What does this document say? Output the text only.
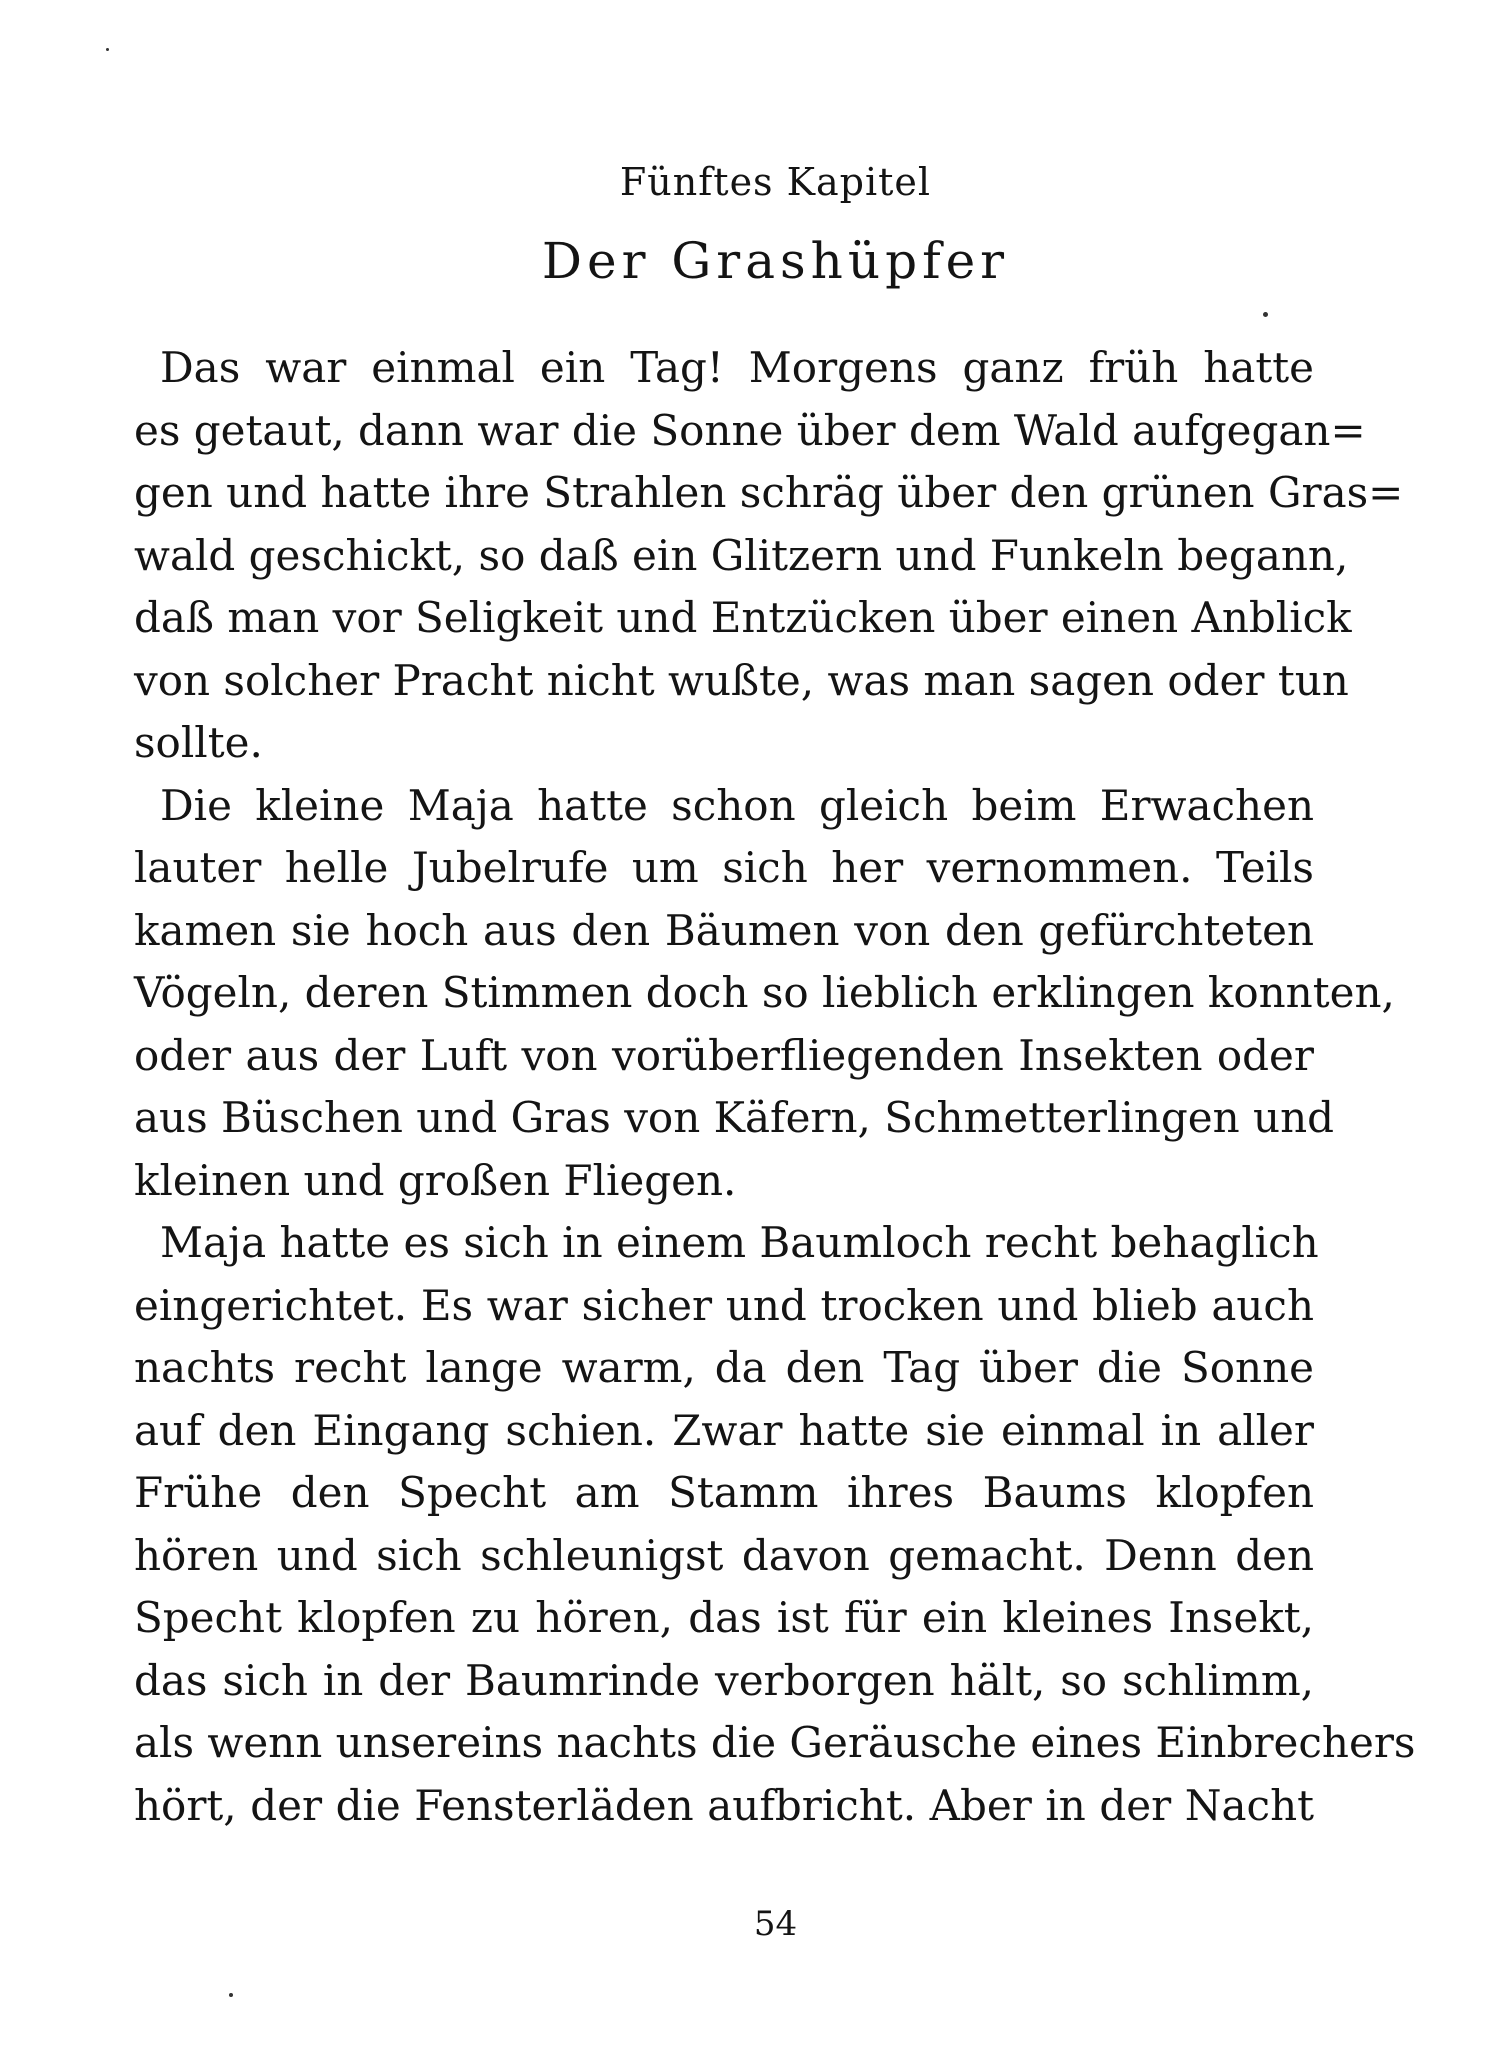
Fünftes Kapitel
Der Grashüpfer
Das war einmal ein Tag! Morgens ganz früh hatte
es getaut, dann war die Sonne über dem Wald aufgegan=
gen und hatte ihre Strahlen schräg über den grünen Gras=
wald geschickt, so daß ein Glitzern und Funkeln begann,
daß man vor Seligkeit und Entzücken über einen Anblick
von solcher Pracht nicht wußte, was man sagen oder tun
sollte.
Die kleine Maja hatte schon gleich beim Erwachen
lauter helle Jubelrufe um sich her vernommen. Teils
kamen sie hoch aus den Bäumen von den gefürchteten
Vögeln, deren Stimmen doch so lieblich erklingen konnten,
oder aus der Luft von vorüberfliegenden Insekten oder
aus Büschen und Gras von Käfern, Schmetterlingen und
kleinen und großen Fliegen.
Maja hatte es sich in einem Baumloch recht behaglich
eingerichtet. Es war sicher und trocken und blieb auch
nachts recht lange warm, da den Tag über die Sonne
auf den Eingang schien. Zwar hatte sie einmal in aller
Frühe den Specht am Stamm ihres Baums klopfen
hören und sich schleunigst davon gemacht. Denn den
Specht klopfen zu hören, das ist für ein kleines Insekt,
das sich in der Baumrinde verborgen hält, so schlimm,
als wenn unsereins nachts die Geräusche eines Einbrechers
hört, der die Fensterläden aufbricht. Aber in der Nacht
54
